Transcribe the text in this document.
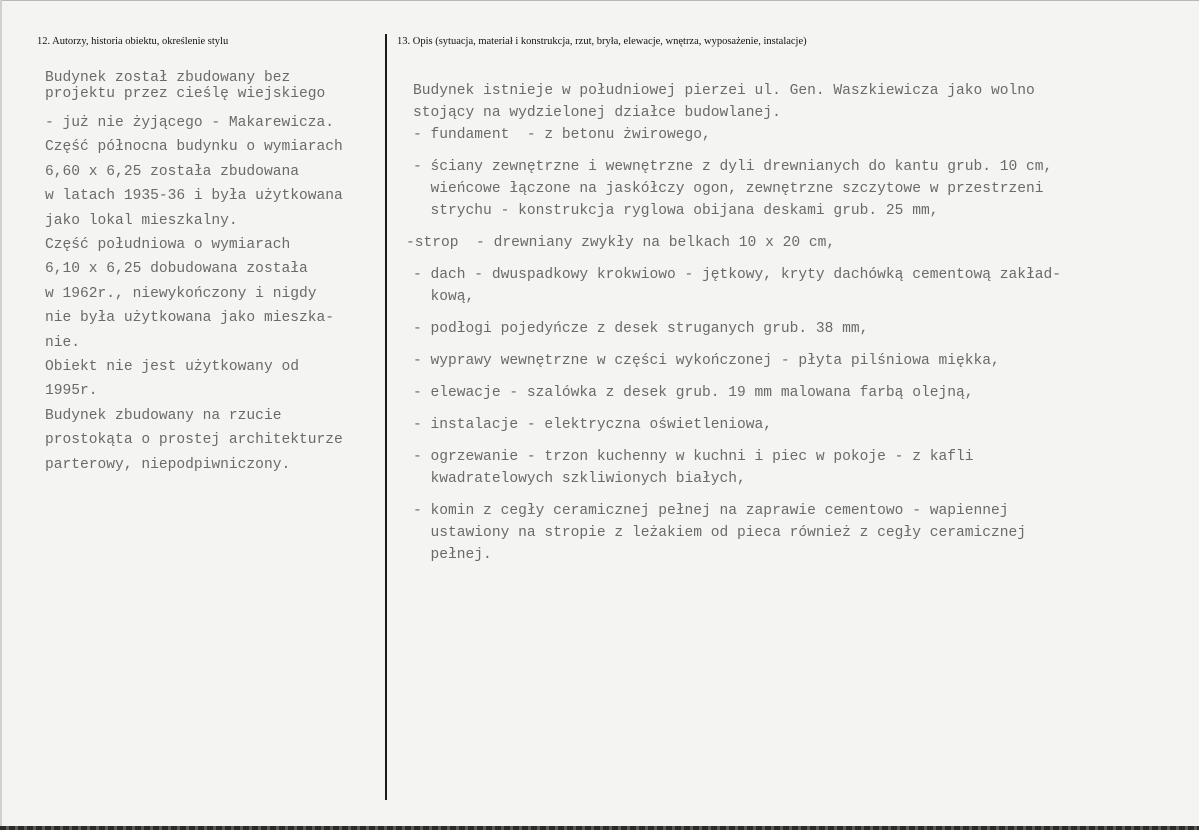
12. Autorzy, historia obiektu, określenie stylu	13. Opis (sytuacja, materiał i konstrukcja, rzut, bryła, elewacje, wnętrza, wyposażenie, instalacje)
Budynek został zbudowany bez
projektu przez cieślę wiejskiego
- już nie żyjącego - Makarewicza.
Część północna budynku o wymiarach
6,60 x 6,25 została zbudowana
w latach 1935-36 i była użytkowana
jako lokal mieszkalny.
Część południowa o wymiarach
6,10 x 6,25 dobudowana została
w 1962r., niewykończony i nigdy
nie była użytkowana jako mieszka-
nie.
Obiekt nie jest użytkowany od
1995r.
Budynek zbudowany na rzucie
prostokąta o prostej architekturze
parterowy, niepodpiwniczony.
Budynek istnieje w południowej pierzei ul. Gen. Waszkiewicza jako wolno
stojący na wydzielonej działce budowlanej.
- fundament  - z betonu żwirowego,
- ściany zewnętrzne i wewnętrzne z dyli drewnianych do kantu grub. 10 cm,
wieńcowe łączone na jaskółczy ogon, zewnętrzne szczytowe w przestrzeni
strychu - konstrukcja ryglowa obijana deskami grub. 25 mm,
-strop  - drewniany zwykły na belkach 10 x 20 cm,
- dach - dwuspadkowy krokwiowo - jętkowy, kryty dachówką cementową zakład-
kową,
- podłogi pojedyńcze z desek struganych grub. 38 mm,
- wyprawy wewnętrzne w części wykończonej - płyta pilśniowa miękka,
- elewacje - szalówka z desek grub. 19 mm malowana farbą olejną,
- instalacje - elektryczna oświetleniowa,
- ogrzewanie - trzon kuchenny w kuchni i piec w pokoje - z kafli
kwadratelowych szkliwionych białych,
- komin z cegły ceramicznej pełnej na zaprawie cementowo - wapiennej
ustawiony na stropie z leżakiem od pieca również z cegły ceramicznej
pełnej.
